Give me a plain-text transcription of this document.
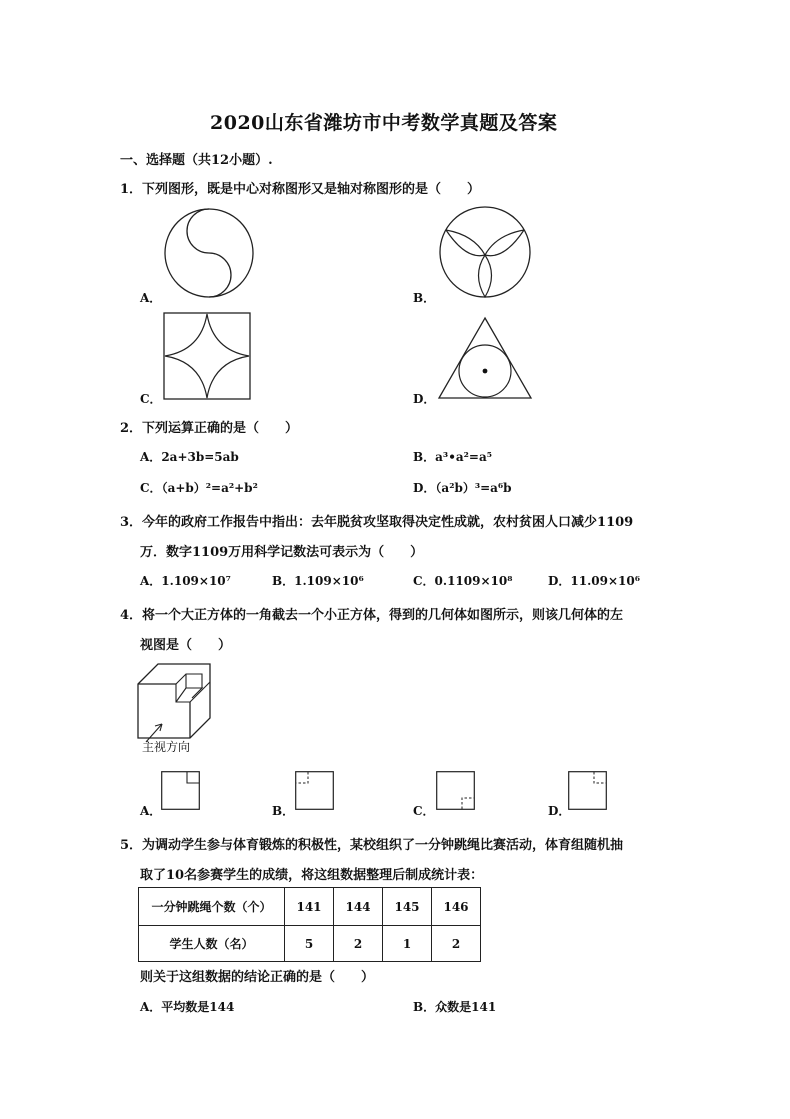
2020山东省潍坊市中考数学真题及答案
一、选择题（共12小题）.
1．下列图形，既是中心对称图形又是轴对称图形的是（　　）
A．	B．
C．	D．
2．下列运算正确的是（　　）
A．2a+3b=5ab	B．a³•a²=a⁵
C．（a+b）²=a²+b²	D．（a²b）³=a⁶b
3．今年的政府工作报告中指出：去年脱贫攻坚取得决定性成就，农村贫困人口减少1109
万．数字1109万用科学记数法可表示为（　　）
A．1.109×10⁷	B．1.109×10⁶	C．0.1109×10⁸	D．11.09×10⁶
4．将一个大正方体的一角截去一个小正方体，得到的几何体如图所示，则该几何体的左
视图是（　　）
主视方向
A．	B．	C．	D．
5．为调动学生参与体育锻炼的积极性，某校组织了一分钟跳绳比赛活动，体育组随机抽
取了10名参赛学生的成绩，将这组数据整理后制成统计表：
一分钟跳绳个数（个）	141	144	145	146
学生人数（名）	5	2	1	2
则关于这组数据的结论正确的是（　　）
A．平均数是144	B．众数是141
